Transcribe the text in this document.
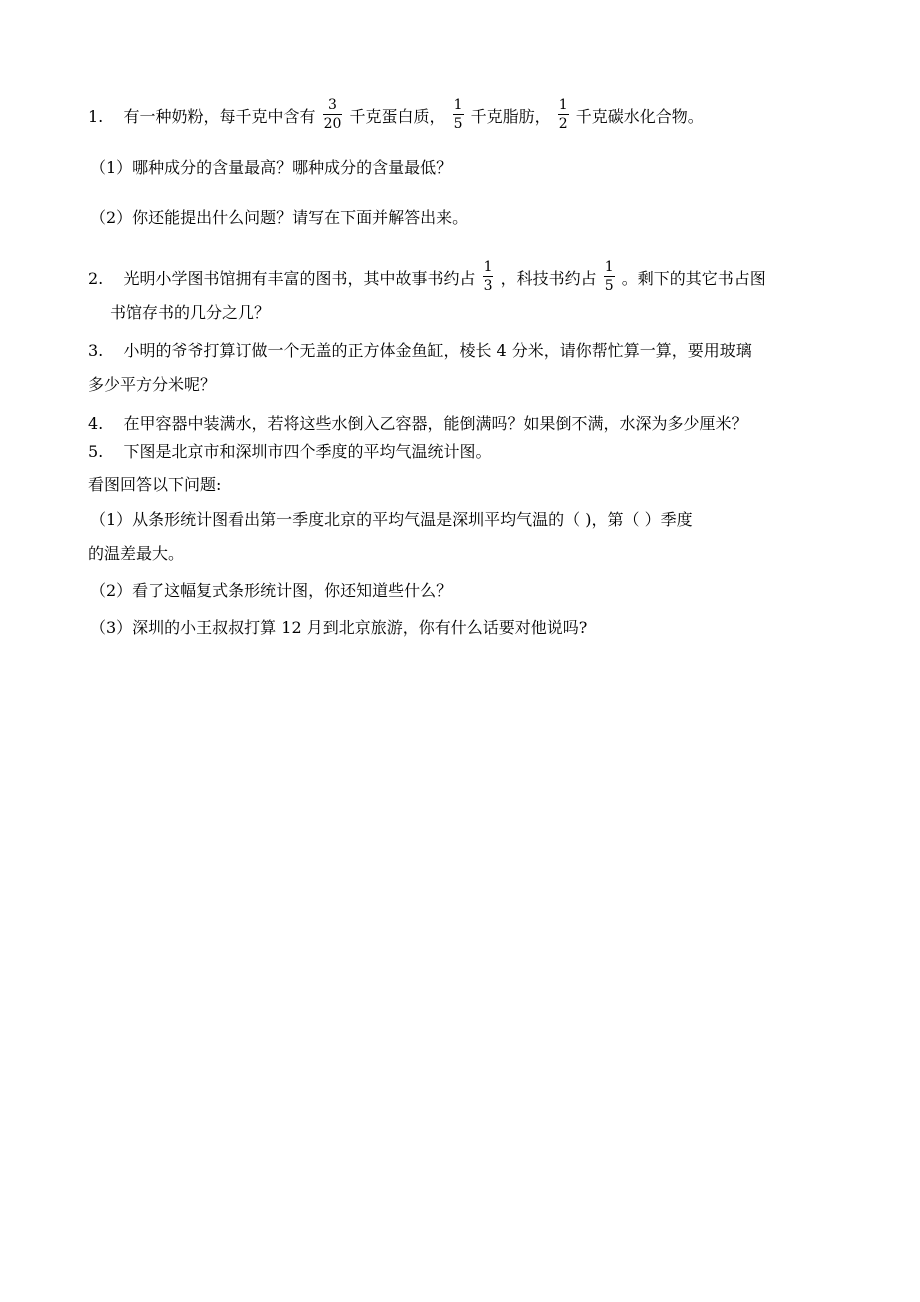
1. 有一种奶粉，每千克中含有 $\frac{3}{20}$ 千克蛋白质， $\frac{1}{5}$ 千克脂肪， $\frac{1}{2}$ 千克碳水化合物。
（1）哪种成分的含量最高？哪种成分的含量最低？
（2）你还能提出什么问题？请写在下面并解答出来。
2. 光明小学图书馆拥有丰富的图书，其中故事书约占 $\frac{1}{3}$ ，科技书约占 $\frac{1}{5}$ 。剩下的其它书占图
书馆存书的几分之几？
3. 小明的爷爷打算订做一个无盖的正方体金鱼缸，棱长 4 分米，请你帮忙算一算，要用玻璃
多少平方分米呢？
4. 在甲容器中装满水，若将这些水倒入乙容器，能倒满吗？如果倒不满，水深为多少厘米？
5. 下图是北京市和深圳市四个季度的平均气温统计图。
看图回答以下问题:
（1）从条形统计图看出第一季度北京的平均气温是深圳平均气温的（ )，第（ ）季度
的温差最大。
（2）看了这幅复式条形统计图，你还知道些什么？
（3）深圳的小王叔叔打算 12 月到北京旅游，你有什么话要对他说吗?
